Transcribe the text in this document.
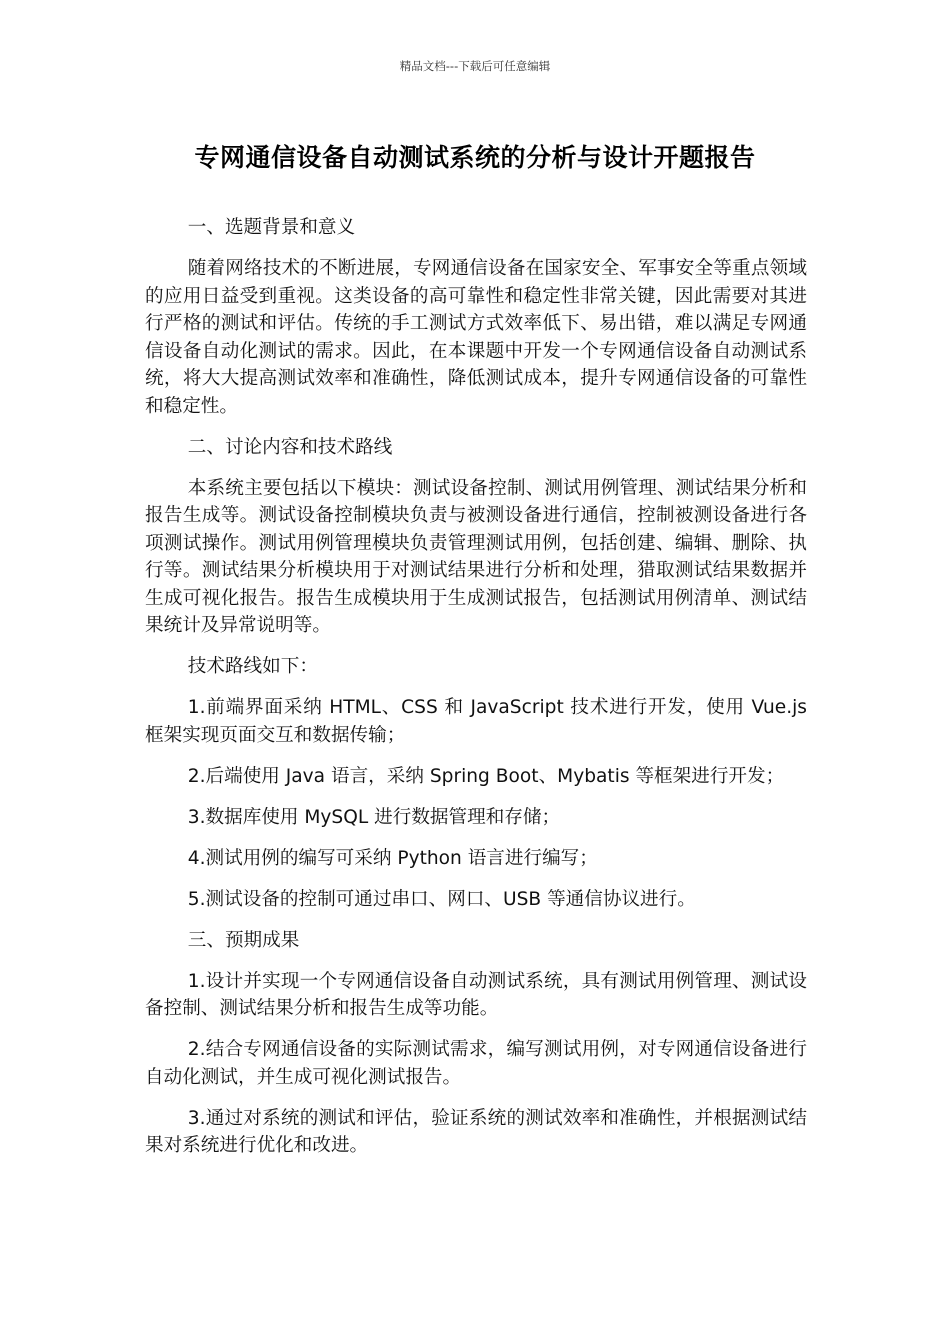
精品文档---下载后可任意编辑
专网通信设备自动测试系统的分析与设计开题报告

一、选题背景和意义

随着网络技术的不断进展，专网通信设备在国家安全、军事安全等重点领域的应用日益受到重视。这类设备的高可靠性和稳定性非常关键，因此需要对其进行严格的测试和评估。传统的手工测试方式效率低下、易出错，难以满足专网通信设备自动化测试的需求。因此，在本课题中开发一个专网通信设备自动测试系统，将大大提高测试效率和准确性，降低测试成本，提升专网通信设备的可靠性和稳定性。

二、讨论内容和技术路线

本系统主要包括以下模块：测试设备控制、测试用例管理、测试结果分析和报告生成等。测试设备控制模块负责与被测设备进行通信，控制被测设备进行各项测试操作。测试用例管理模块负责管理测试用例，包括创建、编辑、删除、执行等。测试结果分析模块用于对测试结果进行分析和处理，猎取测试结果数据并生成可视化报告。报告生成模块用于生成测试报告，包括测试用例清单、测试结果统计及异常说明等。

技术路线如下：

1.前端界面采纳 HTML、CSS 和 JavaScript 技术进行开发，使用 Vue.js 框架实现页面交互和数据传输；

2.后端使用 Java 语言，采纳 Spring Boot、Mybatis 等框架进行开发；

3.数据库使用 MySQL 进行数据管理和存储；

4.测试用例的编写可采纳 Python 语言进行编写；

5.测试设备的控制可通过串口、网口、USB 等通信协议进行。

三、预期成果

1.设计并实现一个专网通信设备自动测试系统，具有测试用例管理、测试设备控制、测试结果分析和报告生成等功能。

2.结合专网通信设备的实际测试需求，编写测试用例，对专网通信设备进行自动化测试，并生成可视化测试报告。

3.通过对系统的测试和评估，验证系统的测试效率和准确性，并根据测试结果对系统进行优化和改进。
